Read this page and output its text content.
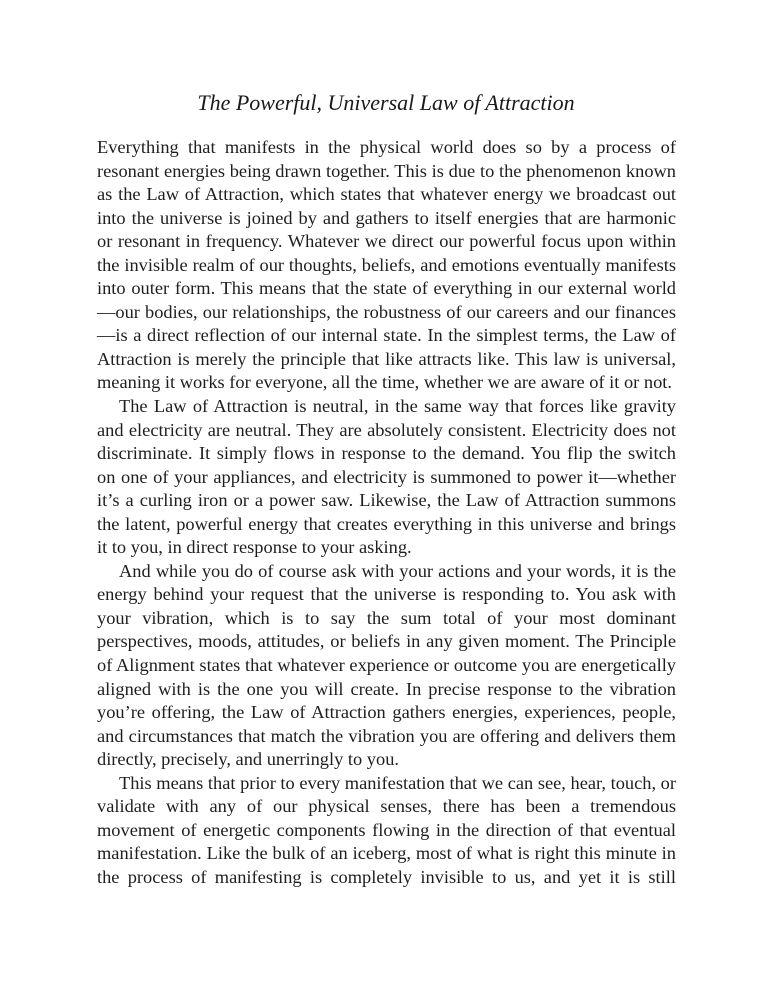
The Powerful, Universal Law of Attraction

Everything that manifests in the physical world does so by a process of resonant energies being drawn together. This is due to the phenomenon known as the Law of Attraction, which states that whatever energy we broadcast out into the universe is joined by and gathers to itself energies that are harmonic or resonant in frequency. Whatever we direct our powerful focus upon within the invisible realm of our thoughts, beliefs, and emotions eventually manifests into outer form. This means that the state of everything in our external world—our bodies, our relationships, the robustness of our careers and our finances—is a direct reflection of our internal state. In the simplest terms, the Law of Attraction is merely the principle that like attracts like. This law is universal, meaning it works for everyone, all the time, whether we are aware of it or not.

The Law of Attraction is neutral, in the same way that forces like gravity and electricity are neutral. They are absolutely consistent. Electricity does not discriminate. It simply flows in response to the demand. You flip the switch on one of your appliances, and electricity is summoned to power it—whether it’s a curling iron or a power saw. Likewise, the Law of Attraction summons the latent, powerful energy that creates everything in this universe and brings it to you, in direct response to your asking.

And while you do of course ask with your actions and your words, it is the energy behind your request that the universe is responding to. You ask with your vibration, which is to say the sum total of your most dominant perspectives, moods, attitudes, or beliefs in any given moment. The Principle of Alignment states that whatever experience or outcome you are energetically aligned with is the one you will create. In precise response to the vibration you’re offering, the Law of Attraction gathers energies, experiences, people, and circumstances that match the vibration you are offering and delivers them directly, precisely, and unerringly to you.

This means that prior to every manifestation that we can see, hear, touch, or validate with any of our physical senses, there has been a tremendous movement of energetic components flowing in the direction of that eventual manifestation. Like the bulk of an iceberg, most of what is right this minute in the process of manifesting is completely invisible to us, and yet it is still
